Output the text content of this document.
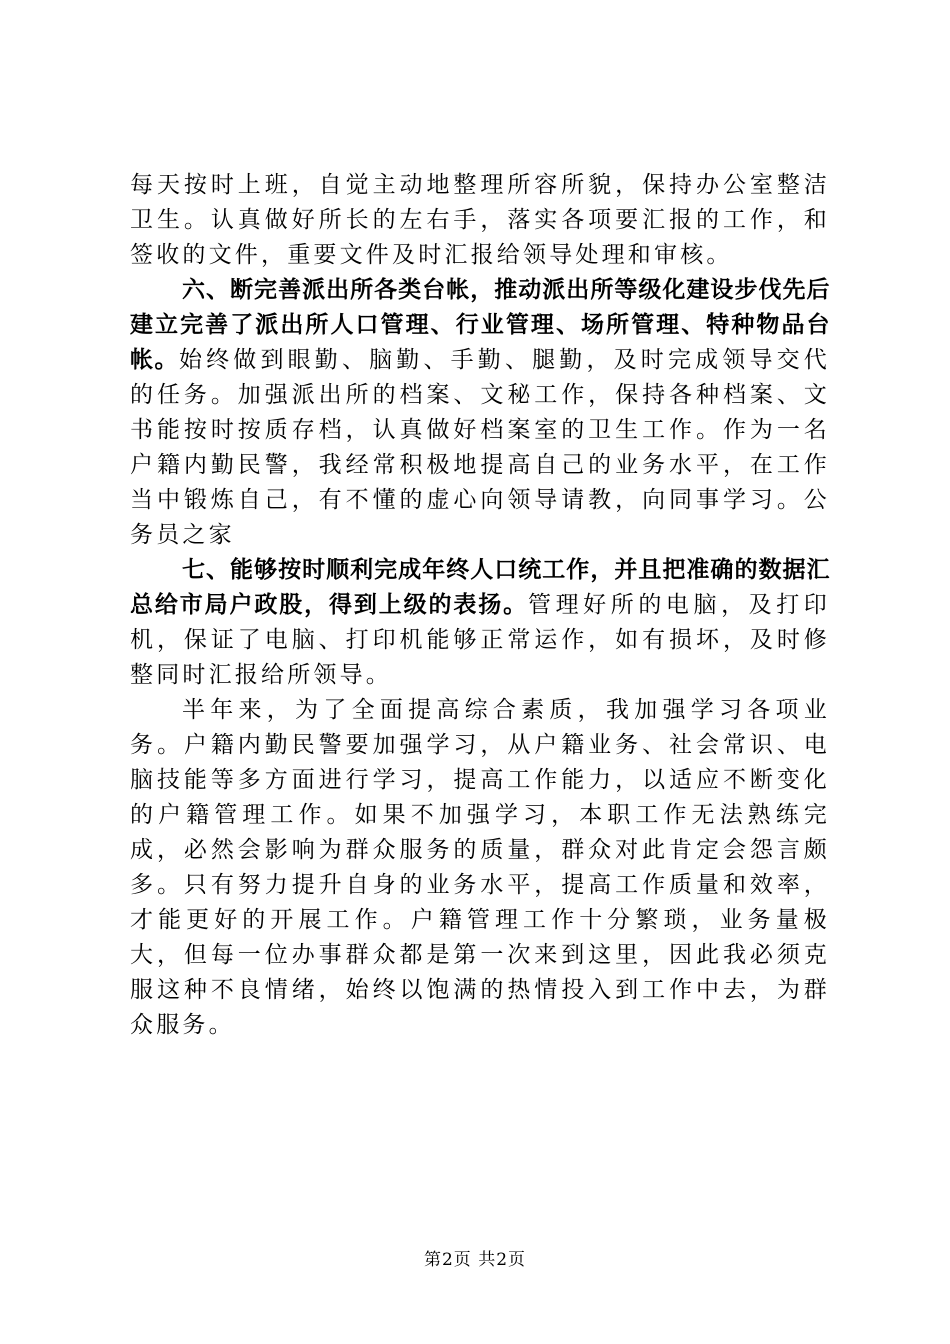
每天按时上班，自觉主动地整理所容所貌，保持办公室整洁卫生。认真做好所长的左右手，落实各项要汇报的工作，和签收的文件，重要文件及时汇报给领导处理和审核。

六、断完善派出所各类台帐，推动派出所等级化建设步伐先后建立完善了派出所人口管理、行业管理、场所管理、特种物品台帐。始终做到眼勤、脑勤、手勤、腿勤，及时完成领导交代的任务。加强派出所的档案、文秘工作，保持各种档案、文书能按时按质存档，认真做好档案室的卫生工作。作为一名户籍内勤民警，我经常积极地提高自己的业务水平，在工作当中锻炼自己，有不懂的虚心向领导请教，向同事学习。公务员之家

七、能够按时顺利完成年终人口统工作，并且把准确的数据汇总给市局户政股，得到上级的表扬。管理好所的电脑，及打印机，保证了电脑、打印机能够正常运作，如有损坏，及时修整同时汇报给所领导。

半年来，为了全面提高综合素质，我加强学习各项业务。户籍内勤民警要加强学习，从户籍业务、社会常识、电脑技能等多方面进行学习，提高工作能力，以适应不断变化的户籍管理工作。如果不加强学习，本职工作无法熟练完成，必然会影响为群众服务的质量，群众对此肯定会怨言颇多。只有努力提升自身的业务水平，提高工作质量和效率，才能更好的开展工作。户籍管理工作十分繁琐，业务量极大，但每一位办事群众都是第一次来到这里，因此我必须克服这种不良情绪，始终以饱满的热情投入到工作中去，为群众服务。

第2页 共2页
